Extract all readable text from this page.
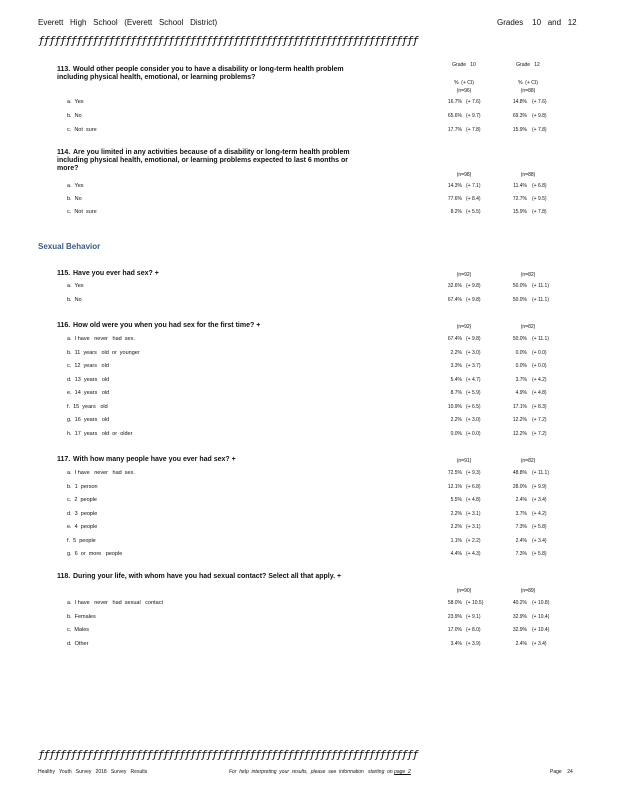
Everett   High   School   (Everett   School   District)	Grades    10   and   12
ƒƒƒƒƒƒƒƒƒƒƒƒƒƒƒƒƒƒƒƒƒƒƒƒƒƒƒƒƒƒƒƒƒƒƒƒƒƒƒƒƒƒƒƒƒƒƒƒƒƒƒƒƒƒƒƒƒƒƒƒƒƒƒƒƒƒƒƒƒƒ
Grade   10	Grade   12
%  (+ CI)	%  (+ CI)
113. Would other people consider you to have a disability or long-term health problem including physical health, emotional, or learning problems?
(n=96)	(n=88)
a.  Yes	16.7% (+ 7.6)	14.8% (+ 7.6)
b.  No	65.6% (+ 9.7)	69.3% (+ 9.8)
c.  Not  sure	17.7% (+ 7.8)	15.9% (+ 7.8)
114. Are you limited in any activities because of a disability or long-term health problem including physical health, emotional, or learning problems expected to last 6 months or more?
(n=98)	(n=88)
a.  Yes	14.3% (+ 7.1)	11.4% (+ 6.8)
b.  No	77.6% (+ 8.4)	72.7% (+ 9.5)
c.  Not  sure	8.2% (+ 5.5)	15.9% (+ 7.8)
Sexual Behavior
115. Have you ever had sex? +	(n=92)	(n=82)
a.  Yes	32.6% (+ 9.8)	50.0% (+ 11.1)
b.  No	67.4% (+ 9.8)	50.0% (+ 11.1)
116. How old were you when you had sex for the first time? +	(n=92)	(n=82)
a.  I have   never   had  sex.	67.4% (+ 9.8)	50.0% (+ 11.1)
b.  11  years   old  or  younger	2.2% (+ 3.0)	0.0% (+ 0.0)
c.  12  years   old	3.3% (+ 3.7)	0.0% (+ 0.0)
d.  13  years   old	5.4% (+ 4.7)	3.7% (+ 4.2)
e.  14  years   old	8.7% (+ 5.9)	4.9% (+ 4.8)
f.  15  years   old	10.9% (+ 6.5)	17.1% (+ 8.3)
g.  16  years   old	2.2% (+ 3.0)	12.2% (+ 7.2)
h.  17  years   old  or  older	0.0% (+ 0.0)	12.2% (+ 7.2)
117. With how many people have you ever had sex? +	(n=91)	(n=82)
a.  I have   never   had  sex.	72.5% (+ 9.3)	48.8% (+ 11.1)
b.  1  person	12.1% (+ 6.8)	28.0% (+ 9.9)
c.  2  people	5.5% (+ 4.8)	2.4% (+ 3.4)
d.  3  people	2.2% (+ 3.1)	3.7% (+ 4.2)
e.  4  people	2.2% (+ 3.1)	7.3% (+ 5.8)
f.  5  people	1.1% (+ 2.2)	2.4% (+ 3.4)
g.  6  or  more   people	4.4% (+ 4.3)	7.3% (+ 5.8)
118. During your life, with whom have you had sexual contact? Select all that apply. +
(n=90)	(n=89)
a.  I have   never   had  sexual   contact	58.0% (+ 10.5)	40.2% (+ 10.8)
b.  Females	23.9% (+ 9.1)	32.9% (+ 10.4)
c.  Males	17.0% (+ 8.0)	32.9% (+ 10.4)
d.  Other	3.4% (+ 3.9)	2.4% (+ 3.4)
ƒƒƒƒƒƒƒƒƒƒƒƒƒƒƒƒƒƒƒƒƒƒƒƒƒƒƒƒƒƒƒƒƒƒƒƒƒƒƒƒƒƒƒƒƒƒƒƒƒƒƒƒƒƒƒƒƒƒƒƒƒƒƒƒƒƒƒƒƒƒ
Healthy   Youth   Survey   2018   Survey   Results	For  help  interpreting  your  results,  please  see  information   starting  on page  2	Page    24
